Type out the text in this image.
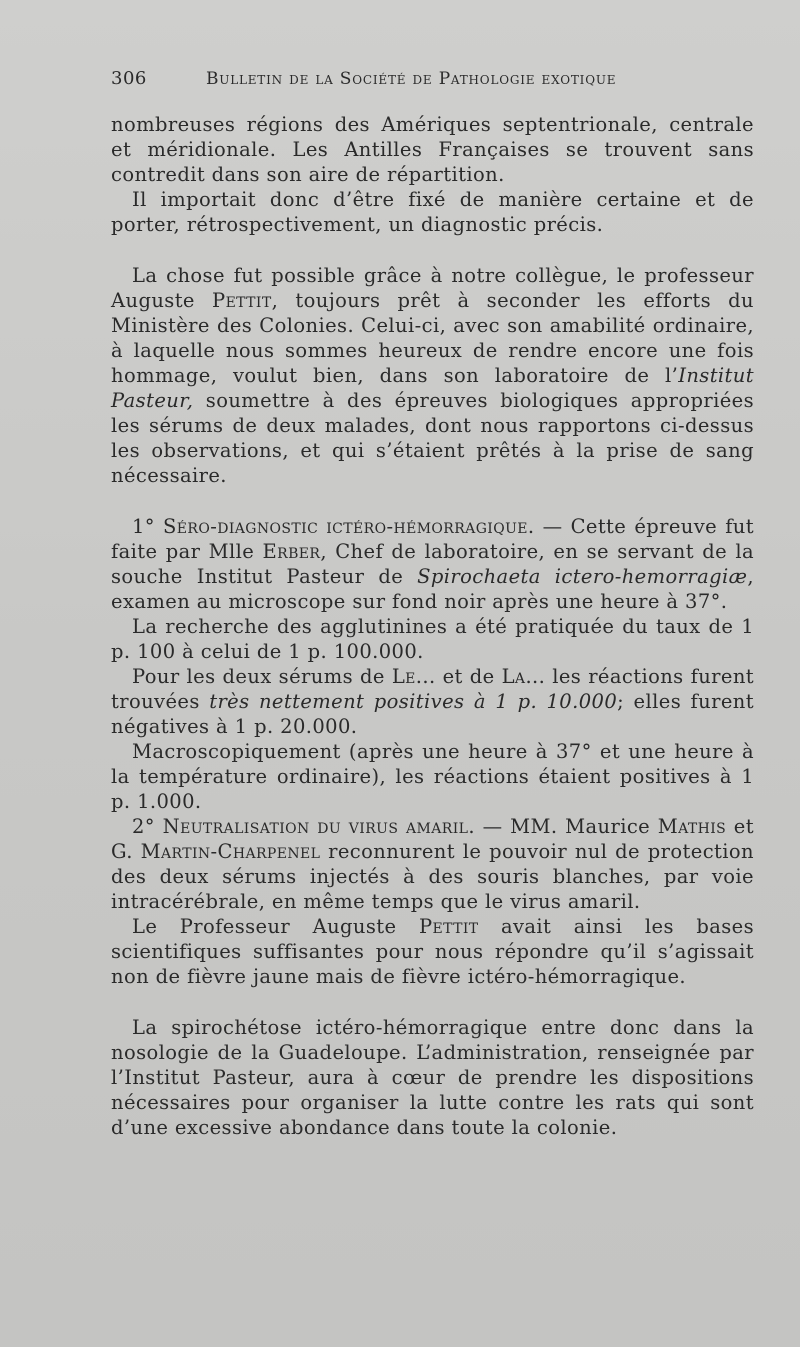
306	Bulletin de la Société de Pathologie exotique

nombreuses régions des Amériques septentrionale, centrale et méridionale. Les Antilles Françaises se trouvent sans contredit dans son aire de répartition.

Il importait donc d’être fixé de manière certaine et de porter, rétrospectivement, un diagnostic précis.

La chose fut possible grâce à notre collègue, le professeur Auguste Pettit, toujours prêt à seconder les efforts du Ministère des Colonies. Celui-ci, avec son amabilité ordinaire, à laquelle nous sommes heureux de rendre encore une fois hommage, voulut bien, dans son laboratoire de l’Institut Pasteur, soumettre à des épreuves biologiques appropriées les sérums de deux malades, dont nous rapportons ci-dessus les observations, et qui s’étaient prêtés à la prise de sang nécessaire.

1° Séro-diagnostic ictéro-hémorragique. — Cette épreuve fut faite par Mlle Erber, Chef de laboratoire, en se servant de la souche Institut Pasteur de Spirochaeta ictero-hemorragiæ, examen au microscope sur fond noir après une heure à 37°.

La recherche des agglutinines a été pratiquée du taux de 1 p. 100 à celui de 1 p. 100.000.

Pour les deux sérums de Le... et de La... les réactions furent trouvées très nettement positives à 1 p. 10.000; elles furent négatives à 1 p. 20.000.

Macroscopiquement (après une heure à 37° et une heure à la température ordinaire), les réactions étaient positives à 1 p. 1.000.

2° Neutralisation du virus amaril. — MM. Maurice Mathis et G. Martin-Charpenel reconnurent le pouvoir nul de protection des deux sérums injectés à des souris blanches, par voie intracérébrale, en même temps que le virus amaril.

Le Professeur Auguste Pettit avait ainsi les bases scientifiques suffisantes pour nous répondre qu’il s’agissait non de fièvre jaune mais de fièvre ictéro-hémorragique.

La spirochétose ictéro-hémorragique entre donc dans la nosologie de la Guadeloupe. L’administration, renseignée par l’Institut Pasteur, aura à cœur de prendre les dispositions nécessaires pour organiser la lutte contre les rats qui sont d’une excessive abondance dans toute la colonie.
